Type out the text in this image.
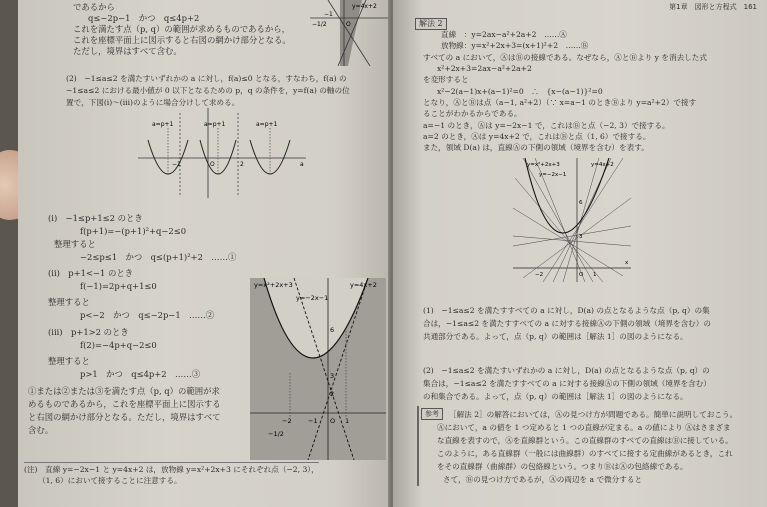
であるから
q≤−2p−1　かつ　q≤4p+2
これを満たす点（p, q）の範囲が求めるものであるから，
これを座標平面上に図示すると右図の網かけ部分となる。
ただし，境界はすべて含む。
y=4x+2
−1
−1/2	O
(2)　−1≤a≤2 を満たすいずれかの a に対し，f(a)≤0 となる，すなわち，f(a) の
−1≤a≤2 における最小値が 0 以下となるための p，q の条件を，y=f(a) の軸の位
置で，下図(i)〜(iii)のように場合分けして求める。
a=p+1	a=p+1	a=p+1
−1	2	a
O
(i)　−1≤p+1≤2 のとき
f(p+1)=−(p+1)²+q−2≤0
整理すると
−2≤p≤1　かつ　q≤(p+1)²+2　……①
(ii)　p+1<−1 のとき
f(−1)=2p+q+1≤0
整理すると
p<−2　かつ　q≤−2p−1　……②
(iii)　p+1>2 のとき
f(2)=−4p+q−2≤0
整理すると
p>1　かつ　q≤4p+2　……③
①または②または③を満たす点（p, q）の範囲が求
めるものであるから，これを座標平面上に図示する
と右図の網かけ部分となる。ただし，境界はすべて
含む。
y=x²+2x+3
y=−2x−1
y=4x+2
6
3
2
−2	−1 O 1
−1/2
(注)　直線 y=−2x−1 と y=4x+2 は，放物線 y=x²+2x+3 にそれぞれ点（−2, 3），
（1, 6）において接することに注意する。
第1章　図形と方程式　161
解法 2
直線　：y=2ax−a²+2a+2　……Ⓐ
放物線：y=x²+2x+3=(x+1)²+2　……Ⓑ
すべての a において，ⒶはⒷの接線である。なぜなら，ⒶとⒷより y を消去した式
x²+2x+3=2ax−a²+2a+2
を変形すると
x²−2(a−1)x+(a−1)²=0　∴　{x−(a−1)}²=0
となり，ⒶとⒷは点（a−1, a²+2）（∵ x=a−1 のときⒷより y=a²+2）で接す
ることがわかるからである。
a=−1 のとき，Ⓐは y=−2x−1 で，これはⒷと点（−2, 3）で接する。
a=2 のとき，Ⓐは y=4x+2 で，これはⒷと点（1, 6）で接する。
また，領域 D(a) は，直線Ⓐの下側の領域（境界を含む）を表す。
y=x²+2x+3
y=−2x−1
y=4x+2
6
3
−2	O 1
x
(1)　−1≤a≤2 を満たすすべての a に対し，D(a) の点となるような点（p, q）の集
合は，−1≤a≤2 を満たすすべての a に対する接線Ⓐの下側の領域（境界を含む）の
共通部分である。よって，点（p, q）の範囲は［解法 1］の図のようになる。
(2)　−1≤a≤2 を満たすいずれかの a に対し，D(a) の点となるような点（p, q）の
集合は，−1≤a≤2 を満たすすべての a に対する接線Ⓐの下側の領域（境界を含む）
の和集合である。よって，点（p, q）の範囲は［解法 1］の図のようになる。
参考	［解法 2］の解答においては，Ⓐの見つけ方が問題である。簡単に説明しておこう。
Ⓐにおいて，a の値を 1 つ定めると 1 つの直線が定まる。a の値により Ⓐはさまざま
な直線を表すので，Ⓐを直線群という。この直線群のすべての直線はⒷに接している。
このように，ある直線群（一般には曲線群）のすべてに接する定曲線があるとき，これ
をその直線群（曲線群）の包絡線という。つまりⒷはⒶの包絡線である。
さて，Ⓑの見つけ方であるが，Ⓐの両辺を a で微分すると
